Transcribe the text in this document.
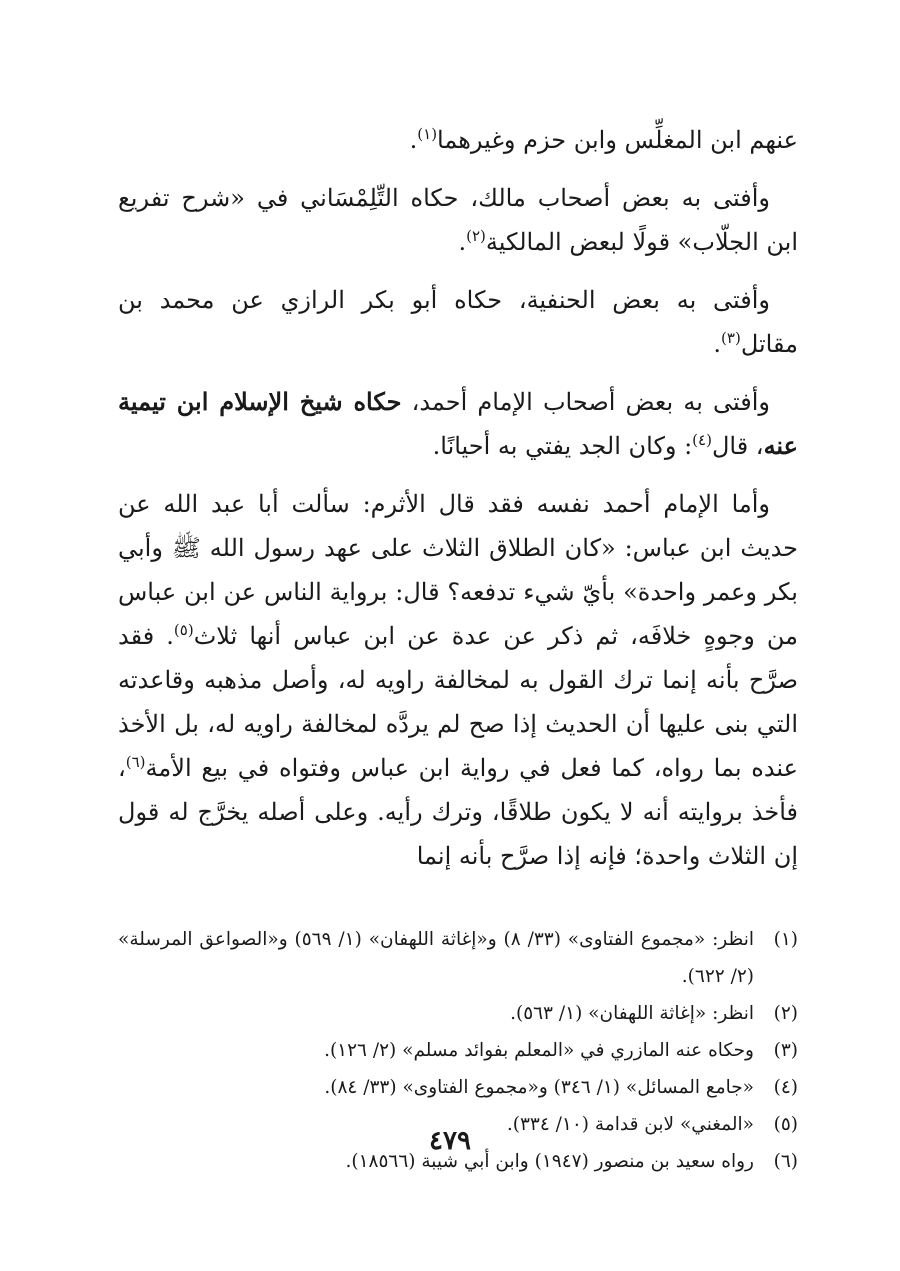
عنهم ابن المغلِّس وابن حزم وغيرهما$^{(١)}$.

وأفتى به بعض أصحاب مالك، حكاه التِّلِمْسَاني في «شرح تفريع ابن الجلّاب» قولًا لبعض المالكية$^{(٢)}$.

وأفتى به بعض الحنفية، حكاه أبو بكر الرازي عن محمد بن مقاتل$^{(٣)}$.

وأفتى به بعض أصحاب الإمام أحمد، حكاه شيخ الإسلام ابن تيمية عنه، قال$^{(٤)}$: وكان الجد يفتي به أحيانًا.

وأما الإمام أحمد نفسه فقد قال الأثرم: سألت أبا عبد الله عن حديث ابن عباس: «كان الطلاق الثلاث على عهد رسول الله ﷺ وأبي بكر وعمر واحدة» بأيّ شيء تدفعه؟ قال: برواية الناس عن ابن عباس من وجوهٍ خلافَه، ثم ذكر عن عدة عن ابن عباس أنها ثلاث$^{(٥)}$. فقد صرَّح بأنه إنما ترك القول به لمخالفة راويه له، وأصل مذهبه وقاعدته التي بنى عليها أن الحديث إذا صح لم يردَّه لمخالفة راويه له، بل الأخذ عنده بما رواه، كما فعل في رواية ابن عباس وفتواه في بيع الأمة$^{(٦)}$، فأخذ بروايته أنه لا يكون طلاقًا، وترك رأيه. وعلى أصله يخرَّج له قول إن الثلاث واحدة؛ فإنه إذا صرَّح بأنه إنما

(١)
انظر: «مجموع الفتاوى» (٣٣/ ٨) و«إغاثة اللهفان» (١/ ٥٦٩) و«الصواعق المرسلة» (٢/ ٦٢٢).
(٢)
انظر: «إغاثة اللهفان» (١/ ٥٦٣).
(٣)
وحكاه عنه المازري في «المعلم بفوائد مسلم» (٢/ ١٢٦).
(٤)
«جامع المسائل» (١/ ٣٤٦) و«مجموع الفتاوى» (٣٣/ ٨٤).
(٥)
«المغني» لابن قدامة (١٠/ ٣٣٤).
(٦)
رواه سعيد بن منصور (١٩٤٧) وابن أبي شيبة (١٨٥٦٦).
٤٧٩
